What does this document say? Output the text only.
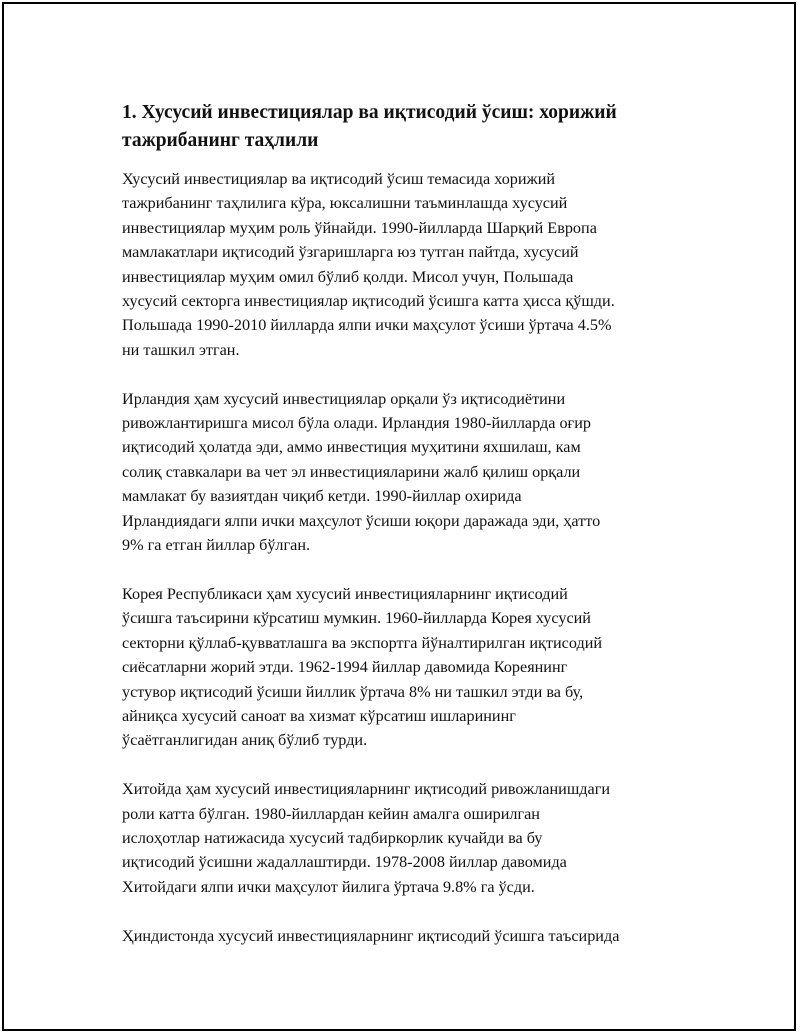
1. Хусусий инвестициялар ва иқтисодий ўсиш: хорижий
тажрибанинг таҳлили

Хусусий инвестициялар ва иқтисодий ўсиш темасида хорижий
тажрибанинг таҳлилига кўра, юксалишни таъминлашда хусусий
инвестициялар муҳим роль ўйнайди. 1990-йилларда Шарқий Европа
мамлакатлари иқтисодий ўзгаришларга юз тутган пайтда, хусусий
инвестициялар муҳим омил бўлиб қолди. Мисол учун, Польшада
хусусий секторга инвестициялар иқтисодий ўсишга катта ҳисса қўшди.
Польшада 1990-2010 йилларда ялпи ички маҳсулот ўсиши ўртача 4.5%
ни ташкил этган.

Ирландия ҳам хусусий инвестициялар орқали ўз иқтисодиётини
ривожлантиришга мисол бўла олади. Ирландия 1980-йилларда оғир
иқтисодий ҳолатда эди, аммо инвестиция муҳитини яхшилаш, кам
солиқ ставкалари ва чет эл инвестицияларини жалб қилиш орқали
мамлакат бу вазиятдан чиқиб кетди. 1990-йиллар охирида
Ирландиядаги ялпи ички маҳсулот ўсиши юқори даражада эди, ҳатто
9% га етган йиллар бўлган.

Корея Республикаси ҳам хусусий инвестицияларнинг иқтисодий
ўсишга таъсирини кўрсатиш мумкин. 1960-йилларда Корея хусусий
секторни қўллаб-қувватлашга ва экспортга йўналтирилган иқтисодий
сиёсатларни жорий этди. 1962-1994 йиллар давомида Кореянинг
устувор иқтисодий ўсиши йиллик ўртача 8% ни ташкил этди ва бу,
айниқса хусусий саноат ва хизмат кўрсатиш ишларининг
ўсаётганлигидан аниқ бўлиб турди.

Хитойда ҳам хусусий инвестицияларнинг иқтисодий ривожланишдаги
роли катта бўлган. 1980-йиллардан кейин амалга оширилган
ислоҳотлар натижасида хусусий тадбиркорлик кучайди ва бу
иқтисодий ўсишни жадаллаштирди. 1978-2008 йиллар давомида
Хитойдаги ялпи ички маҳсулот йилига ўртача 9.8% га ўсди.

Ҳиндистонда хусусий инвестицияларнинг иқтисодий ўсишга таъсирида
